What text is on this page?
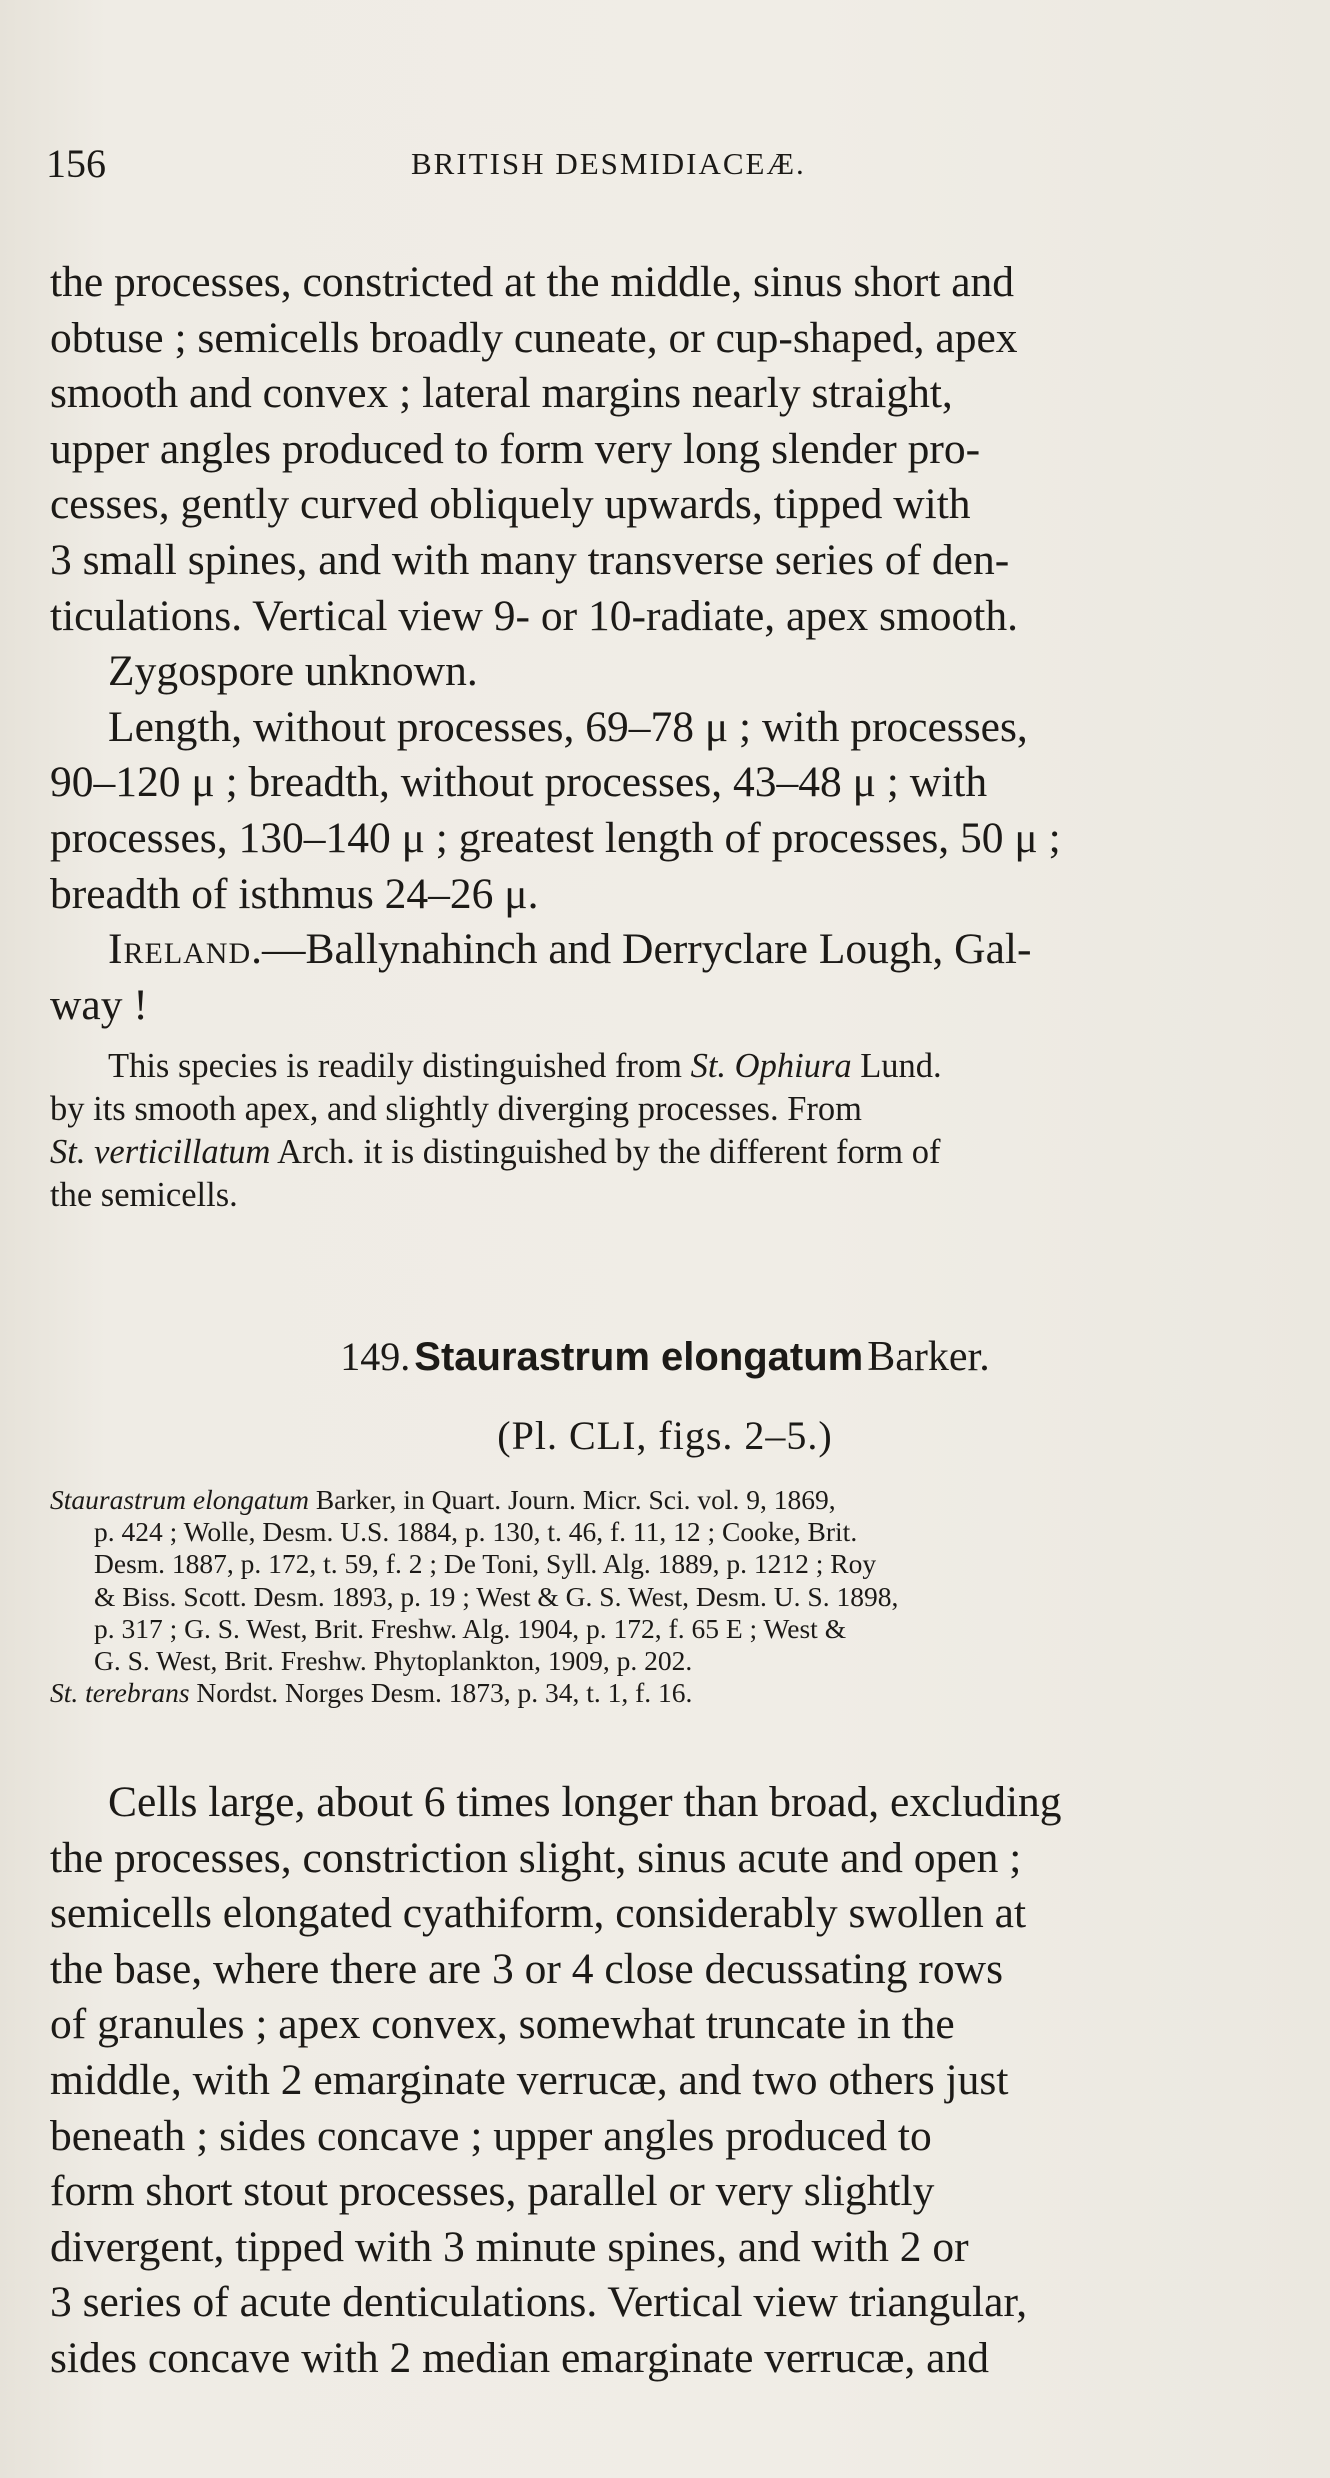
156	BRITISH DESMIDIACEÆ.
the processes, constricted at the middle, sinus short and
obtuse ; semicells broadly cuneate, or cup-shaped, apex
smooth and convex ; lateral margins nearly straight,
upper angles produced to form very long slender pro-
cesses, gently curved obliquely upwards, tipped with
3 small spines, and with many transverse series of den-
ticulations. Vertical view 9- or 10-radiate, apex smooth.
Zygospore unknown.
Length, without processes, 69–78 μ ; with processes,
90–120 μ ; breadth, without processes, 43–48 μ ; with
processes, 130–140 μ ; greatest length of processes, 50 μ ;
breadth of isthmus 24–26 μ.
Ireland.—Ballynahinch and Derryclare Lough, Gal-
way !
This species is readily distinguished from St. Ophiura Lund.
by its smooth apex, and slightly diverging processes. From
St. verticillatum Arch. it is distinguished by the different form of
the semicells.
149. Staurastrum elongatum Barker.
(Pl. CLI, figs. 2–5.)
Staurastrum elongatum Barker, in Quart. Journ. Micr. Sci. vol. 9, 1869,
p. 424 ; Wolle, Desm. U.S. 1884, p. 130, t. 46, f. 11, 12 ; Cooke, Brit.
Desm. 1887, p. 172, t. 59, f. 2 ; De Toni, Syll. Alg. 1889, p. 1212 ; Roy
& Biss. Scott. Desm. 1893, p. 19 ; West & G. S. West, Desm. U. S. 1898,
p. 317 ; G. S. West, Brit. Freshw. Alg. 1904, p. 172, f. 65 E ; West &
G. S. West, Brit. Freshw. Phytoplankton, 1909, p. 202.
St. terebrans Nordst. Norges Desm. 1873, p. 34, t. 1, f. 16.
Cells large, about 6 times longer than broad, excluding
the processes, constriction slight, sinus acute and open ;
semicells elongated cyathiform, considerably swollen at
the base, where there are 3 or 4 close decussating rows
of granules ; apex convex, somewhat truncate in the
middle, with 2 emarginate verrucæ, and two others just
beneath ; sides concave ; upper angles produced to
form short stout processes, parallel or very slightly
divergent, tipped with 3 minute spines, and with 2 or
3 series of acute denticulations. Vertical view triangular,
sides concave with 2 median emarginate verrucæ, and
